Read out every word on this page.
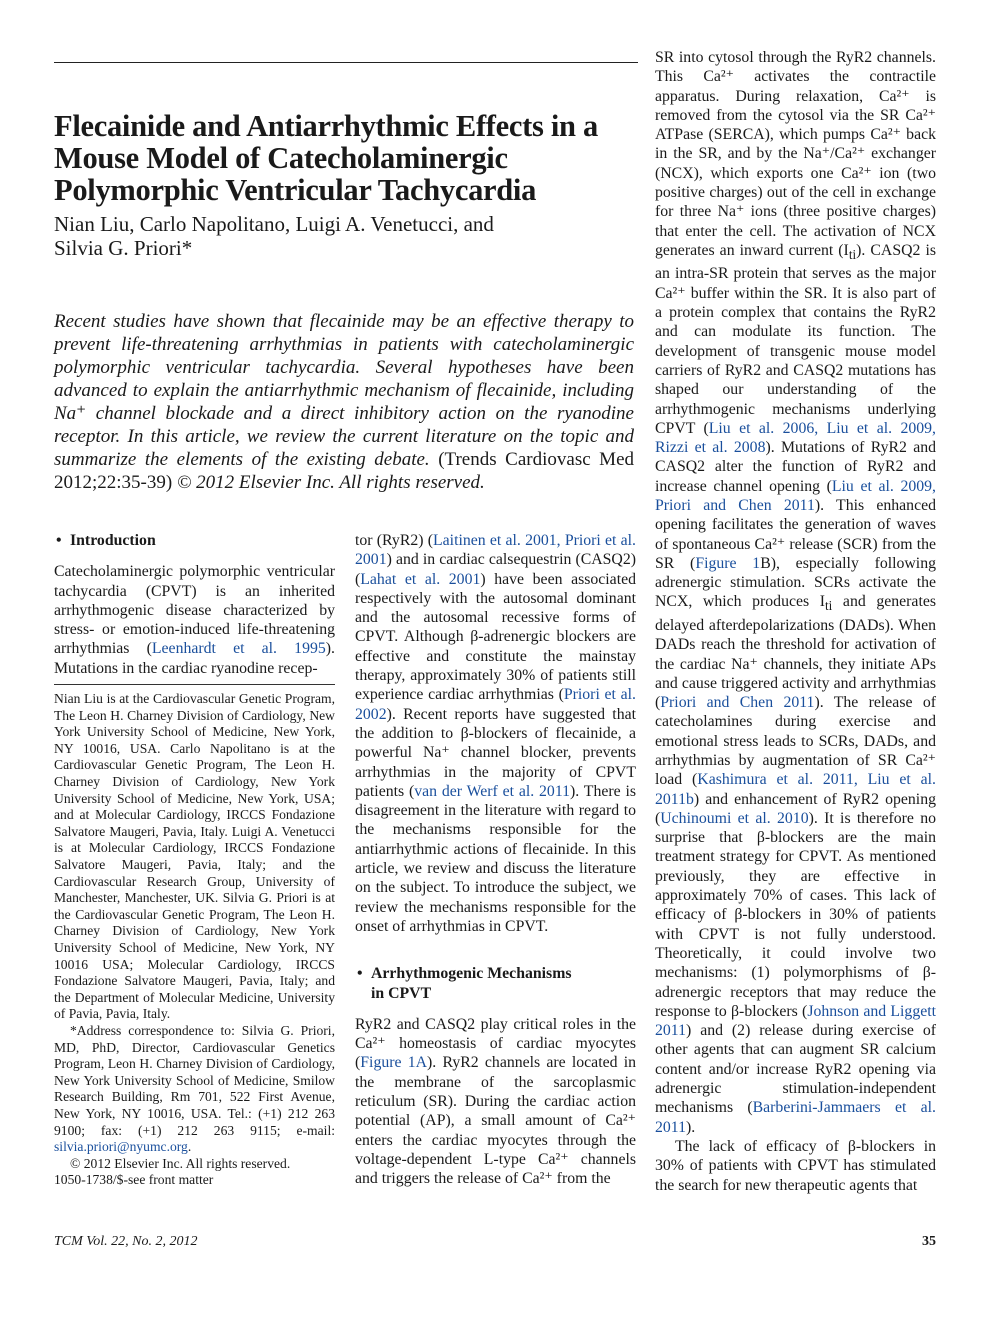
Flecainide and Antiarrhythmic Effects in a Mouse Model of Catecholaminergic Polymorphic Ventricular Tachycardia
Nian Liu, Carlo Napolitano, Luigi A. Venetucci, and
Silvia G. Priori*
Recent studies have shown that flecainide may be an effective therapy to prevent life-threatening arrhythmias in patients with catecholaminergic polymorphic ventricular tachycardia. Several hypotheses have been advanced to explain the antiarrhythmic mechanism of flecainide, including Na⁺ channel blockade and a direct inhibitory action on the ryanodine receptor. In this article, we review the current literature on the topic and summarize the elements of the existing debate. (Trends Cardiovasc Med 2012;22:35-39) © 2012 Elsevier Inc. All rights reserved.
• Introduction

Catecholaminergic polymorphic ventricular tachycardia (CPVT) is an inherited arrhythmogenic disease characterized by stress- or emotion-induced life-threatening arrhythmias (Leenhardt et al. 1995). Mutations in the cardiac ryanodine recep-

Nian Liu is at the Cardiovascular Genetic Program, The Leon H. Charney Division of Cardiology, New York University School of Medicine, New York, NY 10016, USA. Carlo Napolitano is at the Cardiovascular Genetic Program, The Leon H. Charney Division of Cardiology, New York University School of Medicine, New York, USA; and at Molecular Cardiology, IRCCS Fondazione Salvatore Maugeri, Pavia, Italy. Luigi A. Venetucci is at Molecular Cardiology, IRCCS Fondazione Salvatore Maugeri, Pavia, Italy; and the Cardiovascular Research Group, University of Manchester, Manchester, UK. Silvia G. Priori is at the Cardiovascular Genetic Program, The Leon H. Charney Division of Cardiology, New York University School of Medicine, New York, NY 10016 USA; Molecular Cardiology, IRCCS Fondazione Salvatore Maugeri, Pavia, Italy; and the Department of Molecular Medicine, University of Pavia, Pavia, Italy.

*Address correspondence to: Silvia G. Priori, MD, PhD, Director, Cardiovascular Genetics Program, Leon H. Charney Division of Cardiology, New York University School of Medicine, Smilow Research Building, Rm 701, 522 First Avenue, New York, NY 10016, USA. Tel.: (+1) 212 263 9100; fax: (+1) 212 263 9115; e-mail: silvia.priori@nyumc.org.

© 2012 Elsevier Inc. All rights reserved.

1050-1738/$-see front matter

tor (RyR2) (Laitinen et al. 2001, Priori et al. 2001) and in cardiac calsequestrin (CASQ2) (Lahat et al. 2001) have been associated respectively with the autosomal dominant and the autosomal recessive forms of CPVT. Although β-adrenergic blockers are effective and constitute the mainstay therapy, approximately 30% of patients still experience cardiac arrhythmias (Priori et al. 2002). Recent reports have suggested that the addition to β-blockers of flecainide, a powerful Na⁺ channel blocker, prevents arrhythmias in the majority of CPVT patients (van der Werf et al. 2011). There is disagreement in the literature with regard to the mechanisms responsible for the antiarrhythmic actions of flecainide. In this article, we review and discuss the literature on the subject. To introduce the subject, we review the mechanisms responsible for the onset of arrhythmias in CPVT.

• Arrhythmogenic Mechanisms
in CPVT

RyR2 and CASQ2 play critical roles in the Ca²⁺ homeostasis of cardiac myocytes (Figure 1A). RyR2 channels are located in the membrane of the sarcoplasmic reticulum (SR). During the cardiac action potential (AP), a small amount of Ca²⁺ enters the cardiac myocytes through the voltage-dependent L-type Ca²⁺ channels and triggers the release of Ca²⁺ from the

SR into cytosol through the RyR2 channels. This Ca²⁺ activates the contractile apparatus. During relaxation, Ca²⁺ is removed from the cytosol via the SR Ca²⁺ ATPase (SERCA), which pumps Ca²⁺ back in the SR, and by the Na⁺/Ca²⁺ exchanger (NCX), which exports one Ca²⁺ ion (two positive charges) out of the cell in exchange for three Na⁺ ions (three positive charges) that enter the cell. The activation of NCX generates an inward current $(I_{ti})$. CASQ2 is an intra-SR protein that serves as the major Ca²⁺ buffer within the SR. It is also part of a protein complex that contains the RyR2 and can modulate its function. The development of transgenic mouse model carriers of RyR2 and CASQ2 mutations has shaped our understanding of the arrhythmogenic mechanisms underlying CPVT (Liu et al. 2006, Liu et al. 2009, Rizzi et al. 2008). Mutations of RyR2 and CASQ2 alter the function of RyR2 and increase channel opening (Liu et al. 2009, Priori and Chen 2011). This enhanced opening facilitates the generation of waves of spontaneous Ca²⁺ release (SCR) from the SR (Figure 1B), especially following adrenergic stimulation. SCRs activate the NCX, which produces $I_{ti}$ and generates delayed afterdepolarizations (DADs). When DADs reach the threshold for activation of the cardiac Na⁺ channels, they initiate APs and cause triggered activity and arrhythmias (Priori and Chen 2011). The release of catecholamines during exercise and emotional stress leads to SCRs, DADs, and arrhythmias by augmentation of SR Ca²⁺ load (Kashimura et al. 2011, Liu et al. 2011b) and enhancement of RyR2 opening (Uchinoumi et al. 2010). It is therefore no surprise that β-blockers are the main treatment strategy for CPVT. As mentioned previously, they are effective in approximately 70% of cases. This lack of efficacy of β-blockers in 30% of patients with CPVT is not fully understood. Theoretically, it could involve two mechanisms: (1) polymorphisms of β-adrenergic receptors that may reduce the response to β-blockers (Johnson and Liggett 2011) and (2) release during exercise of other agents that can augment SR calcium content and/or increase RyR2 opening via adrenergic stimulation-independent mechanisms (Barberini-Jammaers et al. 2011).

The lack of efficacy of β-blockers in 30% of patients with CPVT has stimulated the search for new therapeutic agents that

TCM Vol. 22, No. 2, 2012	35
